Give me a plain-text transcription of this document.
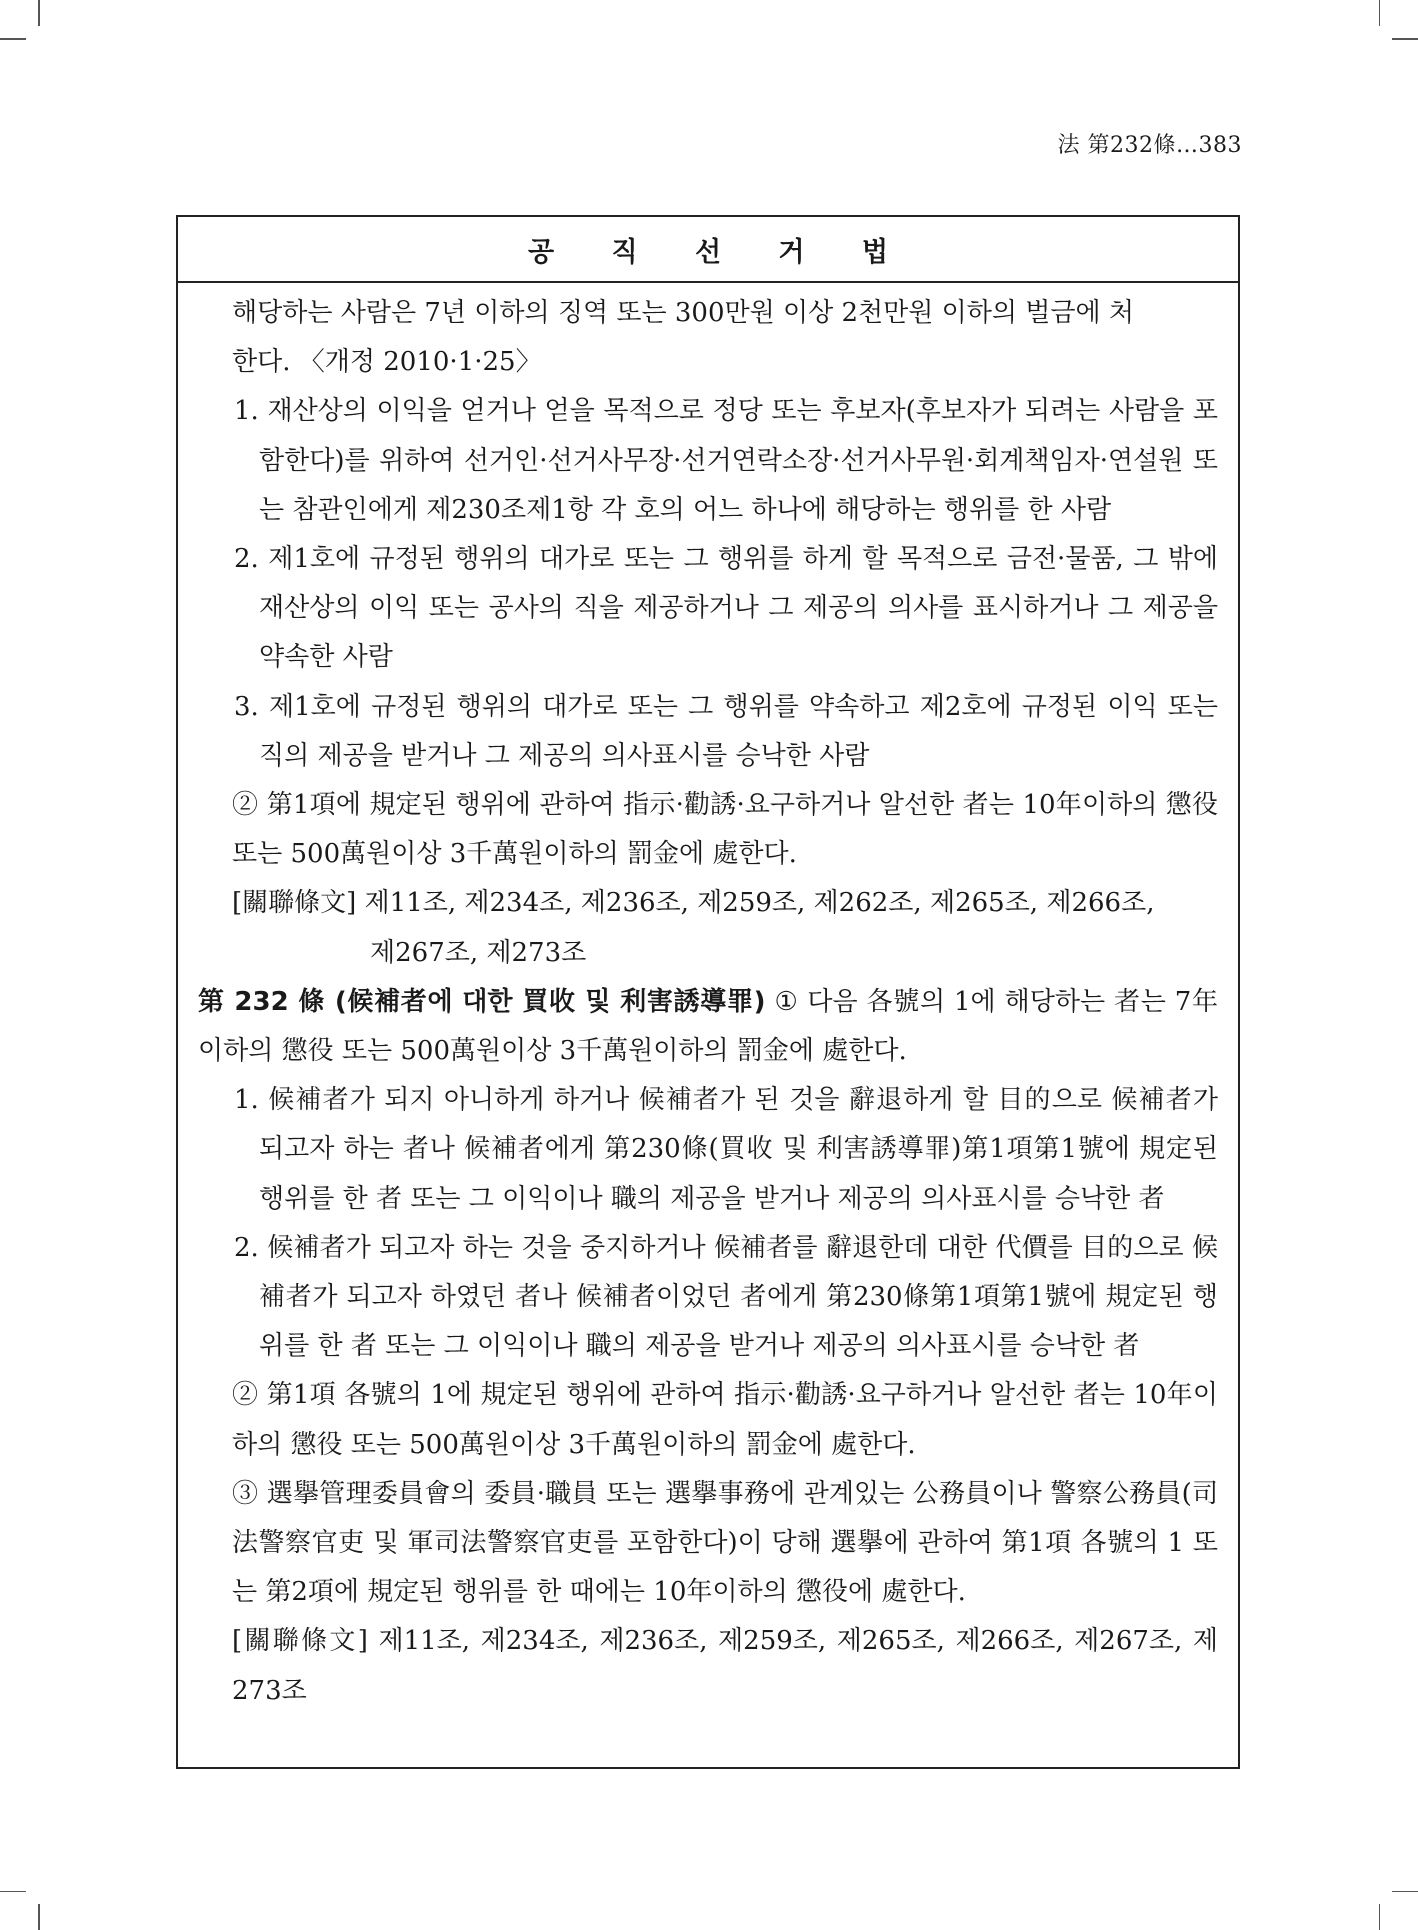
法 第232條…383
공 직 선 거 법

해당하는 사람은 7년 이하의 징역 또는 300만원 이상 2천만원 이하의 벌금에 처

한다. 〈개정 2010·1·25〉

1. 재산상의 이익을 얻거나 얻을 목적으로 정당 또는 후보자(후보자가 되려는 사람을 포함한다)를 위하여 선거인·선거사무장·선거연락소장·선거사무원·회계책임자·연설원 또는 참관인에게 제230조제1항 각 호의 어느 하나에 해당하는 행위를 한 사람

2. 제1호에 규정된 행위의 대가로 또는 그 행위를 하게 할 목적으로 금전·물품, 그 밖에 재산상의 이익 또는 공사의 직을 제공하거나 그 제공의 의사를 표시하거나 그 제공을 약속한 사람

3. 제1호에 규정된 행위의 대가로 또는 그 행위를 약속하고 제2호에 규정된 이익 또는 직의 제공을 받거나 그 제공의 의사표시를 승낙한 사람

② 第1項에 規定된 행위에 관하여 指示·勸誘·요구하거나 알선한 者는 10年이하의 懲役 또는 500萬원이상 3千萬원이하의 罰金에 處한다.

[關聯條文] 제11조, 제234조, 제236조, 제259조, 제262조, 제265조, 제266조,

제267조, 제273조

第 232 條 (候補者에 대한 買收 및 利害誘導罪) ① 다음 各號의 1에 해당하는 者는 7年이하의 懲役 또는 500萬원이상 3千萬원이하의 罰金에 處한다.

1. 候補者가 되지 아니하게 하거나 候補者가 된 것을 辭退하게 할 目的으로 候補者가 되고자 하는 者나 候補者에게 第230條(買收 및 利害誘導罪)第1項第1號에 規定된 행위를 한 者 또는 그 이익이나 職의 제공을 받거나 제공의 의사표시를 승낙한 者

2. 候補者가 되고자 하는 것을 중지하거나 候補者를 辭退한데 대한 代價를 目的으로 候補者가 되고자 하였던 者나 候補者이었던 者에게 第230條第1項第1號에 規定된 행위를 한 者 또는 그 이익이나 職의 제공을 받거나 제공의 의사표시를 승낙한 者

② 第1項 各號의 1에 規定된 행위에 관하여 指示·勸誘·요구하거나 알선한 者는 10年이하의 懲役 또는 500萬원이상 3千萬원이하의 罰金에 處한다.

③ 選擧管理委員會의 委員·職員 또는 選擧事務에 관계있는 公務員이나 警察公務員(司法警察官吏 및 軍司法警察官吏를 포함한다)이 당해 選擧에 관하여 第1項 各號의 1 또는 第2項에 規定된 행위를 한 때에는 10年이하의 懲役에 處한다.

[關聯條文] 제11조, 제234조, 제236조, 제259조, 제265조, 제266조, 제267조, 제273조
